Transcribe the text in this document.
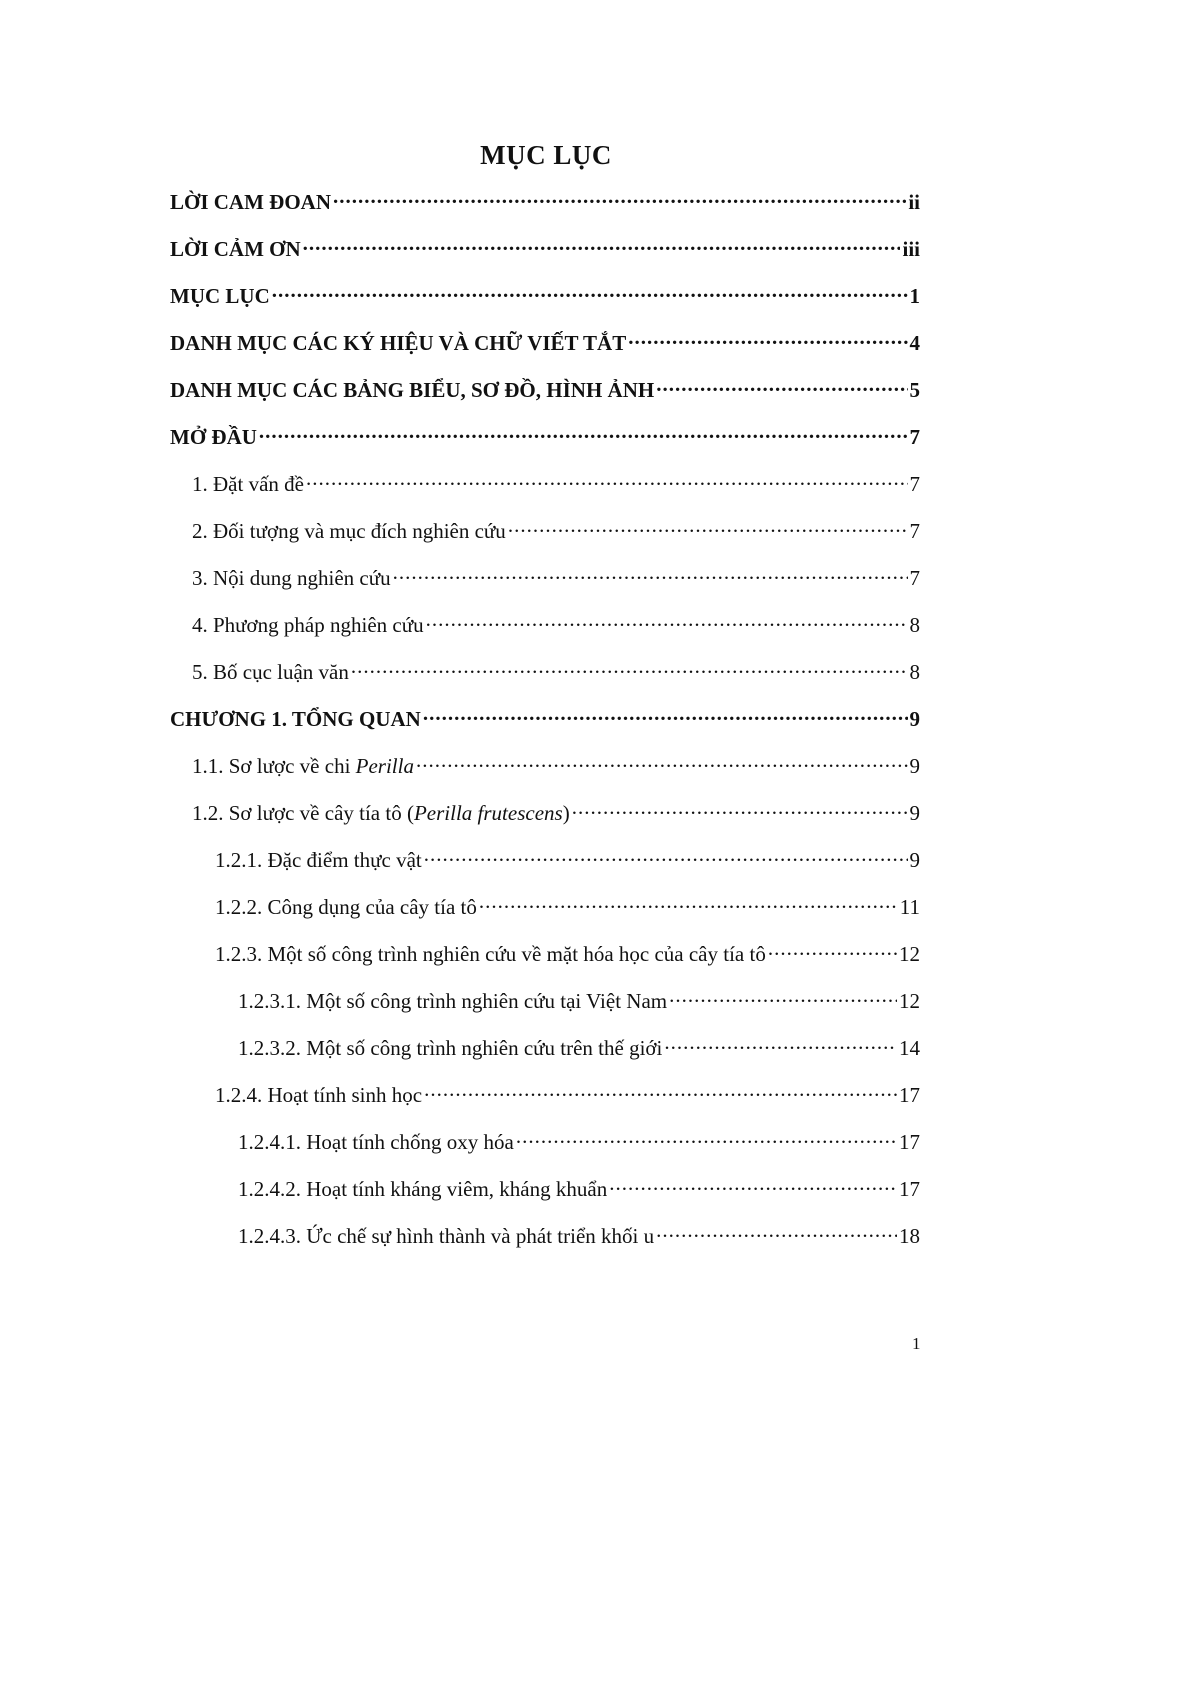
MỤC LỤC
LỜI CAM ĐOAN .....	ii
LỜI CẢM ƠN .....	iii
MỤC LỤC .....	1
DANH MỤC CÁC KÝ HIỆU VÀ CHỮ VIẾT TẮT .....	4
DANH MỤC CÁC BẢNG BIỂU, SƠ ĐỒ, HÌNH ẢNH .....	5
MỞ ĐẦU .....	7
1. Đặt vấn đề .....	7
2. Đối tượng và mục đích nghiên cứu .....	7
3. Nội dung nghiên cứu .....	7
4. Phương pháp nghiên cứu .....	8
5. Bố cục luận văn .....	8
CHƯƠNG 1. TỔNG QUAN .....	9
1.1. Sơ lược về chi Perilla .....	9
1.2. Sơ lược về cây tía tô (Perilla frutescens) .....	9
1.2.1. Đặc điểm thực vật .....	9
1.2.2. Công dụng của cây tía tô .....	11
1.2.3. Một số công trình nghiên cứu về mặt hóa học của cây tía tô .....	12
1.2.3.1. Một số công trình nghiên cứu tại Việt Nam .....	12
1.2.3.2. Một số công trình nghiên cứu trên thế giới .....	14
1.2.4. Hoạt tính sinh học .....	17
1.2.4.1. Hoạt tính chống oxy hóa .....	17
1.2.4.2. Hoạt tính kháng viêm, kháng khuẩn .....	17
1.2.4.3. Ức chế sự hình thành và phát triển khối u .....	18
1
